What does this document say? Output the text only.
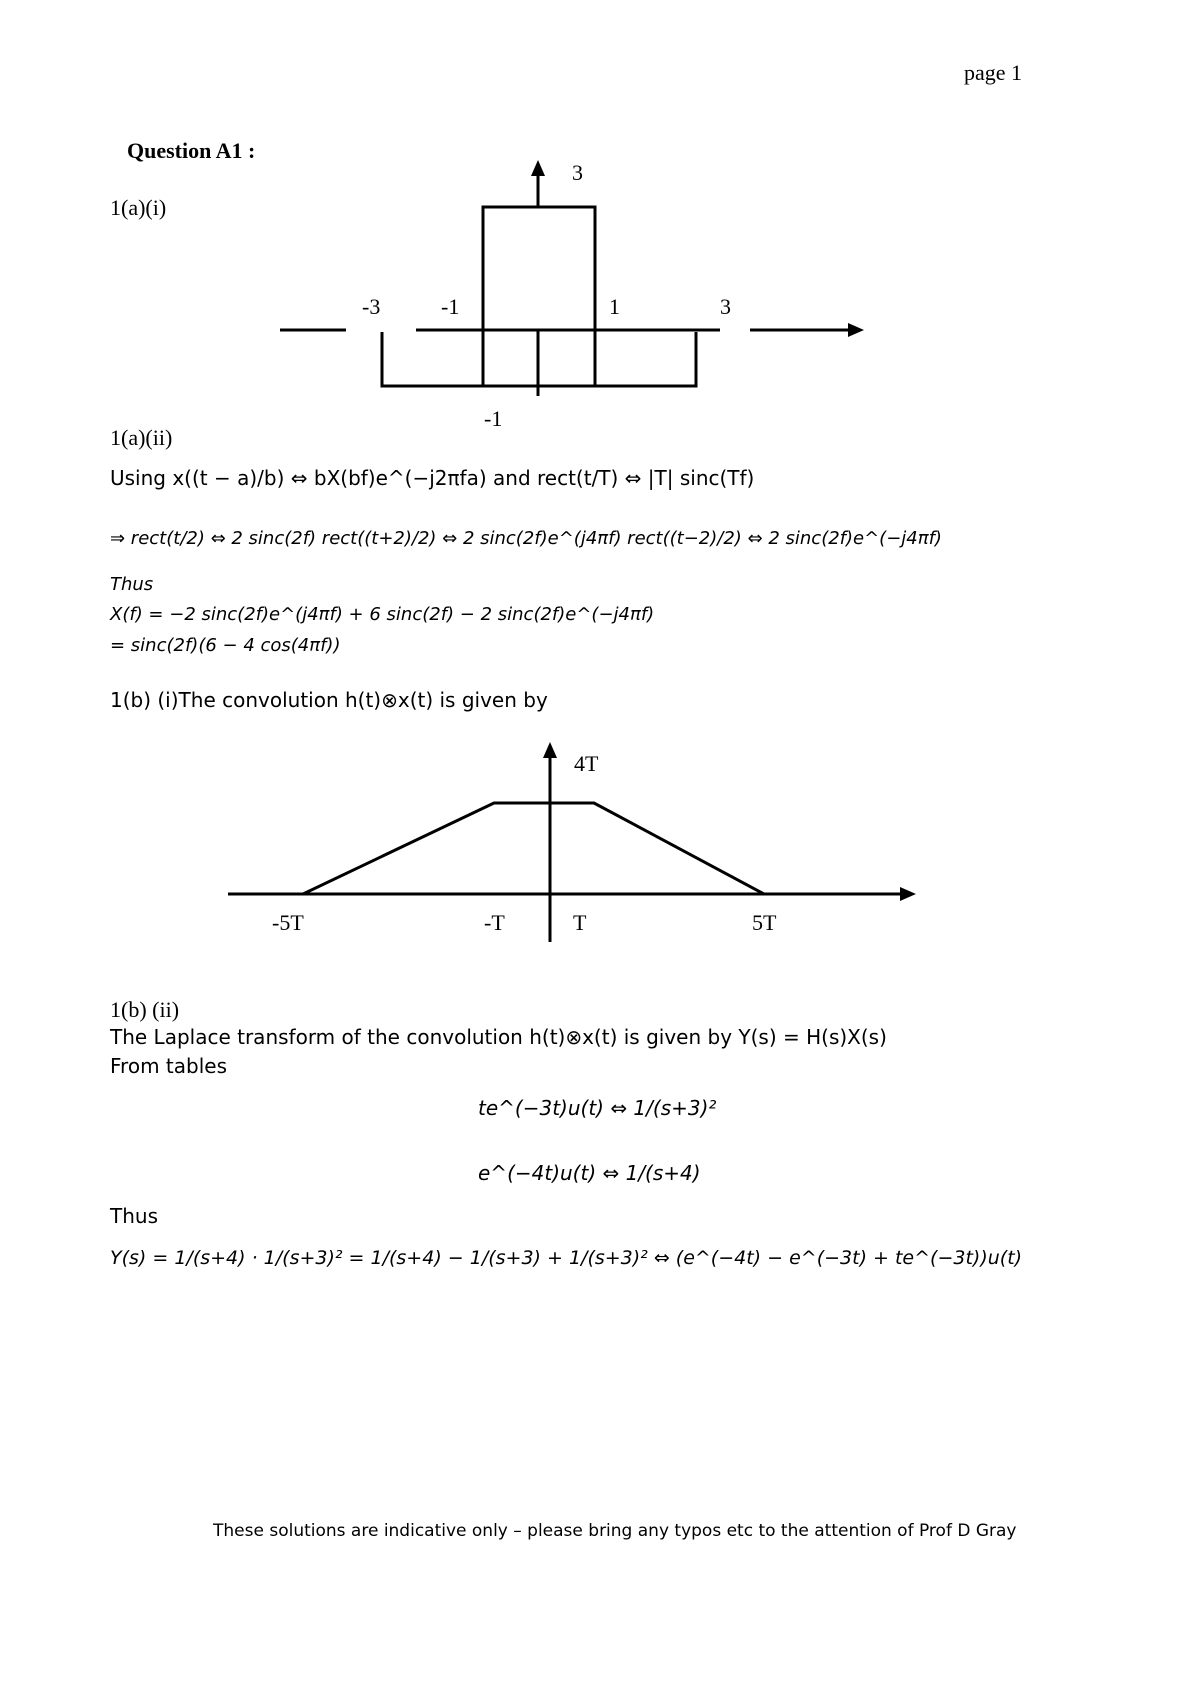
page 1
Question A1 :
1(a)(i)
3
-3	-1	1	3
-1
1(a)(ii)
Using x((t − a)/b) ⇔ bX(bf)e^(−j2πfa) and rect(t/T) ⇔ |T| sinc(Tf)
⇒ rect(t/2) ⇔ 2 sinc(2f) rect((t+2)/2) ⇔ 2 sinc(2f)e^(j4πf) rect((t−2)/2) ⇔ 2 sinc(2f)e^(−j4πf)
Thus
X(f) = −2 sinc(2f)e^(j4πf) + 6 sinc(2f) − 2 sinc(2f)e^(−j4πf)
= sinc(2f)(6 − 4 cos(4πf))
1(b) (i)The convolution h(t)⊗x(t) is given by
4T
-5T	-T	T	5T
1(b) (ii)
The Laplace transform of the convolution h(t)⊗x(t) is given by Y(s) = H(s)X(s)
From tables
te^(−3t)u(t) ⇔ 1/(s+3)²
e^(−4t)u(t) ⇔ 1/(s+4)
Thus
Y(s) = 1/(s+4) · 1/(s+3)² = 1/(s+4) − 1/(s+3) + 1/(s+3)² ⇔ (e^(−4t) − e^(−3t) + te^(−3t))u(t)
These solutions are indicative only – please bring any typos etc to the attention of Prof D Gray
